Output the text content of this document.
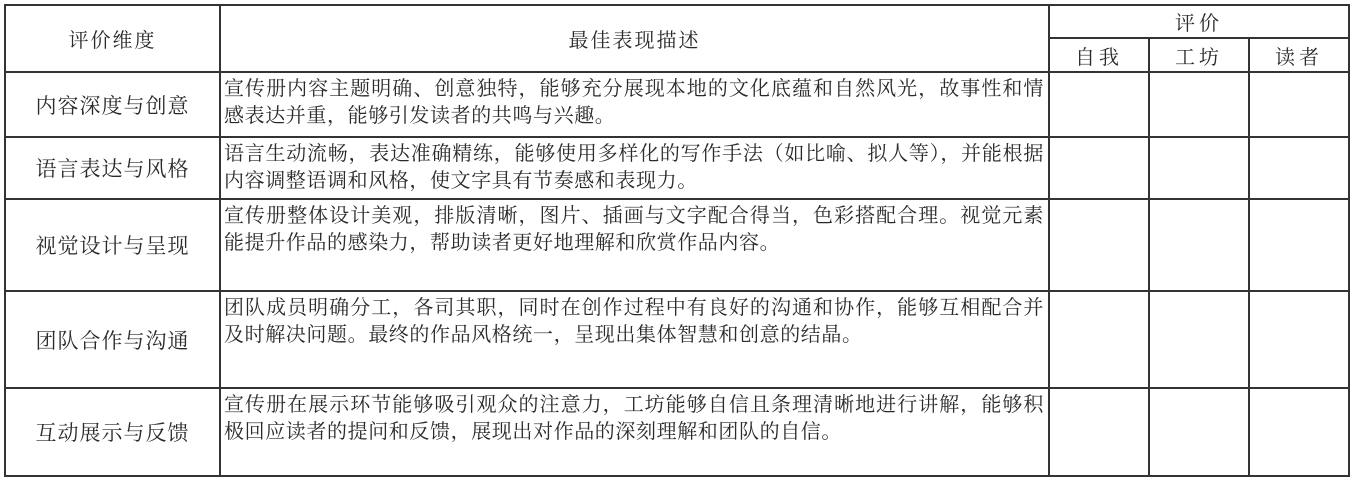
评价维度	最佳表现描述	评价		
		自我	工坊	读者
内容深度与创意	宣传册内容主题明确、创意独特，能够充分展现本地的文化底蕴和自然风光，故事性和情感表达并重，能够引发读者的共鸣与兴趣。			
语言表达与风格	语言生动流畅，表达准确精练，能够使用多样化的写作手法（如比喻、拟人等），并能根据内容调整语调和风格，使文字具有节奏感和表现力。			
视觉设计与呈现	宣传册整体设计美观，排版清晰，图片、插画与文字配合得当，色彩搭配合理。视觉元素能提升作品的感染力，帮助读者更好地理解和欣赏作品内容。			
团队合作与沟通	团队成员明确分工，各司其职，同时在创作过程中有良好的沟通和协作，能够互相配合并及时解决问题。最终的作品风格统一，呈现出集体智慧和创意的结晶。			
互动展示与反馈	宣传册在展示环节能够吸引观众的注意力，工坊能够自信且条理清晰地进行讲解，能够积极回应读者的提问和反馈，展现出对作品的深刻理解和团队的自信。			
